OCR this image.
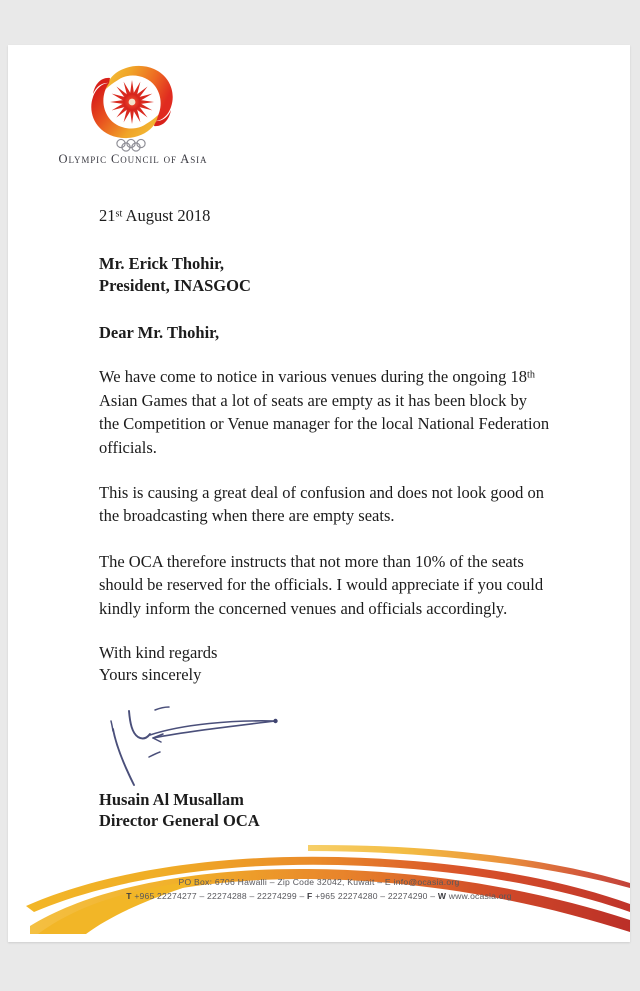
Olympic Council of Asia

21st August 2018

Mr. Erick Thohir,
President, INASGOC

Dear Mr. Thohir,

We have come to notice in various venues during the ongoing 18th Asian Games that a lot of seats are empty as it has been block by the Competition or Venue manager for the local National Federation officials.

This is causing a great deal of confusion and does not look good on the broadcasting when there are empty seats.

The OCA therefore instructs that not more than 10% of the seats should be reserved for the officials. I would appreciate if you could kindly inform the concerned venues and officials accordingly.

With kind regards
Yours sincerely
Husain Al Musallam
Director General OCA
PO Box: 6706 Hawalli – Zip Code 32042, Kuwait – E info@ocasia.org
T +965 22274277 – 22274288 – 22274299 – F +965 22274280 – 22274290 – W www.ocasia.org
